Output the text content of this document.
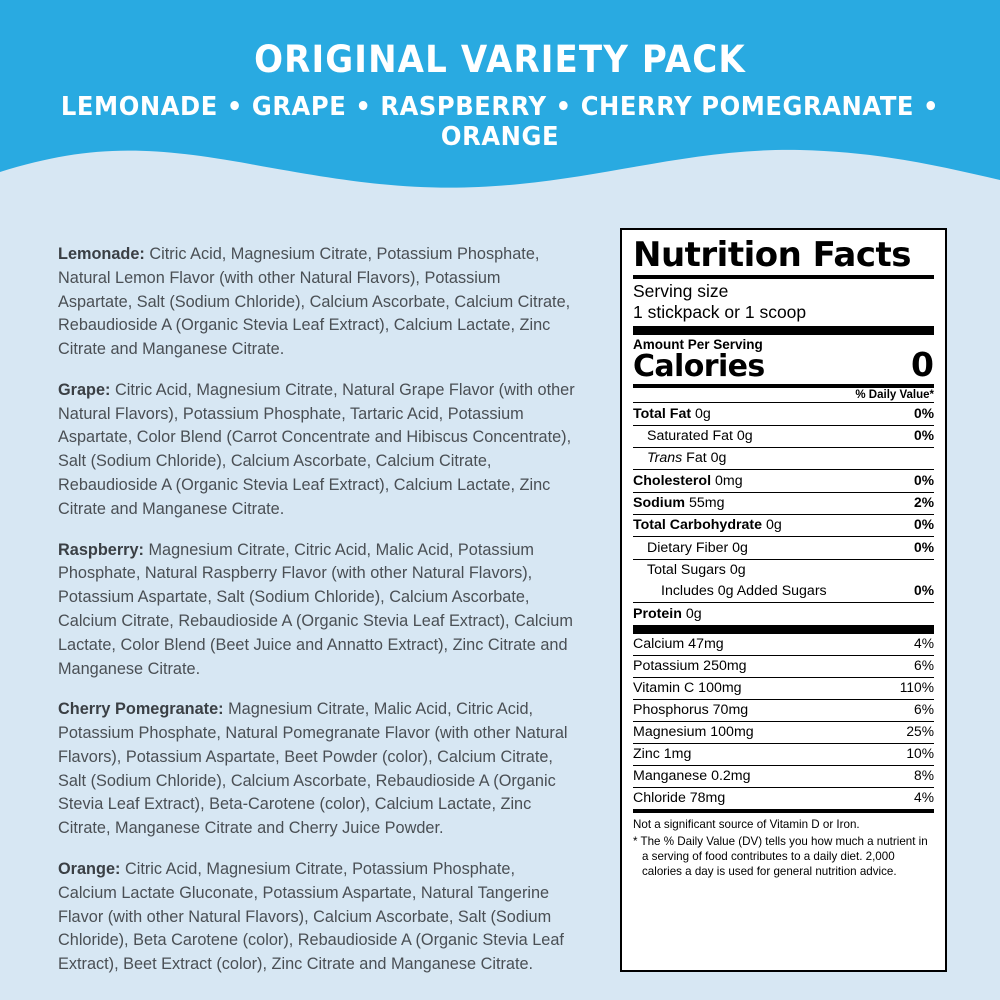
ORIGINAL VARIETY PACK
LEMONADE • GRAPE • RASPBERRY • CHERRY POMEGRANATE • ORANGE
Lemonade: Citric Acid, Magnesium Citrate, Potassium Phosphate, Natural Lemon Flavor (with other Natural Flavors), Potassium Aspartate, Salt (Sodium Chloride), Calcium Ascorbate, Calcium Citrate, Rebaudioside A (Organic Stevia Leaf Extract), Calcium Lactate, Zinc Citrate and Manganese Citrate.
Grape: Citric Acid, Magnesium Citrate, Natural Grape Flavor (with other Natural Flavors), Potassium Phosphate, Tartaric Acid, Potassium Aspartate, Color Blend (Carrot Concentrate and Hibiscus Concentrate), Salt (Sodium Chloride), Calcium Ascorbate, Calcium Citrate, Rebaudioside A (Organic Stevia Leaf Extract), Calcium Lactate, Zinc Citrate and Manganese Citrate.
Raspberry: Magnesium Citrate, Citric Acid, Malic Acid, Potassium Phosphate, Natural Raspberry Flavor (with other Natural Flavors), Potassium Aspartate, Salt (Sodium Chloride), Calcium Ascorbate, Calcium Citrate, Rebaudioside A (Organic Stevia Leaf Extract), Calcium Lactate, Color Blend (Beet Juice and Annatto Extract), Zinc Citrate and Manganese Citrate.
Cherry Pomegranate: Magnesium Citrate, Malic Acid, Citric Acid, Potassium Phosphate, Natural Pomegranate Flavor (with other Natural Flavors), Potassium Aspartate, Beet Powder (color), Calcium Citrate, Salt (Sodium Chloride), Calcium Ascorbate, Rebaudioside A (Organic Stevia Leaf Extract), Beta-Carotene (color), Calcium Lactate, Zinc Citrate, Manganese Citrate and Cherry Juice Powder.
Orange: Citric Acid, Magnesium Citrate, Potassium Phosphate, Calcium Lactate Gluconate, Potassium Aspartate, Natural Tangerine Flavor (with other Natural Flavors), Calcium Ascorbate, Salt (Sodium Chloride), Beta Carotene (color), Rebaudioside A (Organic Stevia Leaf Extract), Beet Extract (color), Zinc Citrate and Manganese Citrate.
Nutrition Facts
Serving size
1 stickpack or 1 scoop
Amount Per Serving
Calories	0
% Daily Value*
Total Fat 0g	0%
Saturated Fat 0g	0%
Trans Fat 0g
Cholesterol 0mg	0%
Sodium 55mg	2%
Total Carbohydrate 0g	0%
Dietary Fiber 0g	0%
Total Sugars 0g
Includes 0g Added Sugars	0%
Protein 0g
Calcium 47mg	4%
Potassium 250mg	6%
Vitamin C 100mg	110%
Phosphorus 70mg	6%
Magnesium 100mg	25%
Zinc 1mg	10%
Manganese 0.2mg	8%
Chloride 78mg	4%

Not a significant source of Vitamin D or Iron.

* The % Daily Value (DV) tells you how much a nutrient in a serving of food contributes to a daily diet. 2,000 calories a day is used for general nutrition advice.
